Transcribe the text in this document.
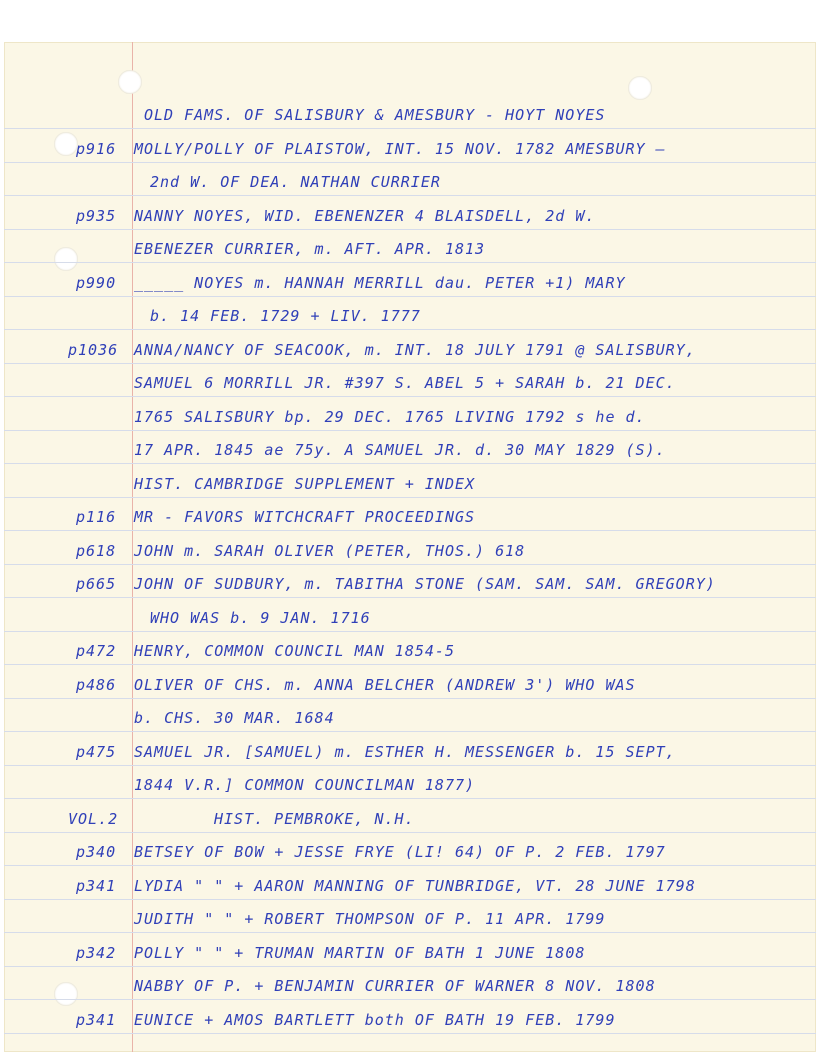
OLD FAMS. OF SALISBURY & AMESBURY - HOYT NOYES
p916 MOLLY/POLLY OF PLAISTOW, INT. 15 NOV. 1782 AMESBURY —
2nd W. OF DEA. NATHAN CURRIER
p935 NANNY NOYES, WID. EBENENZER 4 BLAISDELL, 2d W.
EBENEZER CURRIER, m. AFT. APR. 1813
p990 _____ NOYES m. HANNAH MERRILL dau. PETER +1) MARY
b. 14 FEB. 1729 + LIV. 1777
p1036 ANNA/NANCY OF SEACOOK, m. INT. 18 JULY 1791 @ SALISBURY,
SAMUEL 6 MORRILL JR. #397 S. ABEL 5 + SARAH b. 21 DEC.
1765 SALISBURY bp. 29 DEC. 1765 LIVING 1792 s he d.
17 APR. 1845 ae 75y. A SAMUEL JR. d. 30 MAY 1829 (S).
HIST. CAMBRIDGE SUPPLEMENT + INDEX
p116 MR - FAVORS WITCHCRAFT PROCEEDINGS
p618 JOHN m. SARAH OLIVER (PETER, THOS.) 618
p665 JOHN OF SUDBURY, m. TABITHA STONE (SAM. SAM. SAM. GREGORY)
WHO WAS b. 9 JAN. 1716
p472 HENRY, COMMON COUNCIL MAN 1854-5
p486 OLIVER OF CHS. m. ANNA BELCHER (ANDREW 3') WHO WAS
b. CHS. 30 MAR. 1684
p475 SAMUEL JR. [SAMUEL) m. ESTHER H. MESSENGER b. 15 SEPT,
1844 V.R.] COMMON COUNCILMAN 1877)
VOL.2	HIST. PEMBROKE, N.H.
p340 BETSEY OF BOW + JESSE FRYE (LI! 64) OF P. 2 FEB. 1797
p341 LYDIA " " + AARON MANNING OF TUNBRIDGE, VT. 28 JUNE 1798
JUDITH " " + ROBERT THOMPSON OF P. 11 APR. 1799
p342 POLLY " " + TRUMAN MARTIN OF BATH 1 JUNE 1808
NABBY OF P. + BENJAMIN CURRIER OF WARNER 8 NOV. 1808
p341 EUNICE + AMOS BARTLETT both OF BATH 19 FEB. 1799
